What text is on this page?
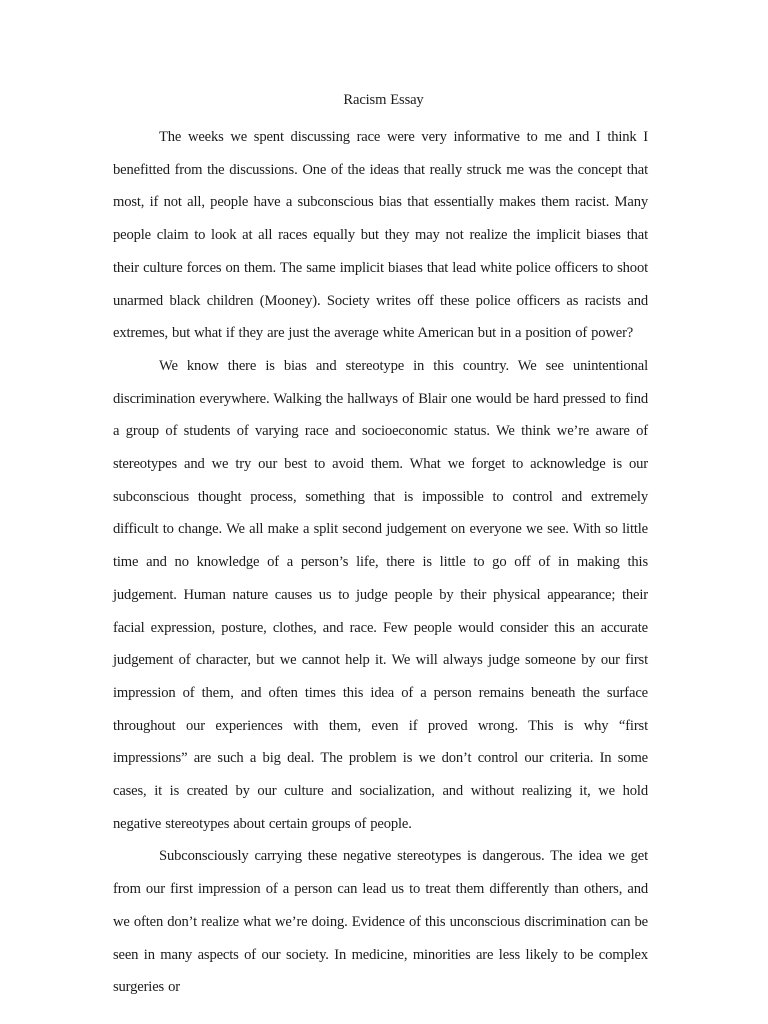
Racism Essay

The weeks we spent discussing race were very informative to me and I think I benefitted from the discussions. One of the ideas that really struck me was the concept that most, if not all, people have a subconscious bias that essentially makes them racist. Many people claim to look at all races equally but they may not realize the implicit biases that their culture forces on them. The same implicit biases that lead white police officers to shoot unarmed black children (Mooney). Society writes off these police officers as racists and extremes, but what if they are just the average white American but in a position of power?

We know there is bias and stereotype in this country. We see unintentional discrimination everywhere. Walking the hallways of Blair one would be hard pressed to find a group of students of varying race and socioeconomic status. We think we’re aware of stereotypes and we try our best to avoid them. What we forget to acknowledge is our subconscious thought process, something that is impossible to control and extremely difficult to change. We all make a split second judgement on everyone we see. With so little time and no knowledge of a person’s life, there is little to go off of in making this judgement. Human nature causes us to judge people by their physical appearance; their facial expression, posture, clothes, and race. Few people would consider this an accurate judgement of character, but we cannot help it. We will always judge someone by our first impression of them, and often times this idea of a person remains beneath the surface throughout our experiences with them, even if proved wrong. This is why “first impressions” are such a big deal. The problem is we don’t control our criteria. In some cases, it is created by our culture and socialization, and without realizing it, we hold negative stereotypes about certain groups of people.

Subconsciously carrying these negative stereotypes is dangerous. The idea we get from our first impression of a person can lead us to treat them differently than others, and we often don’t realize what we’re doing. Evidence of this unconscious discrimination can be seen in many aspects of our society. In medicine, minorities are less likely to be complex surgeries or
